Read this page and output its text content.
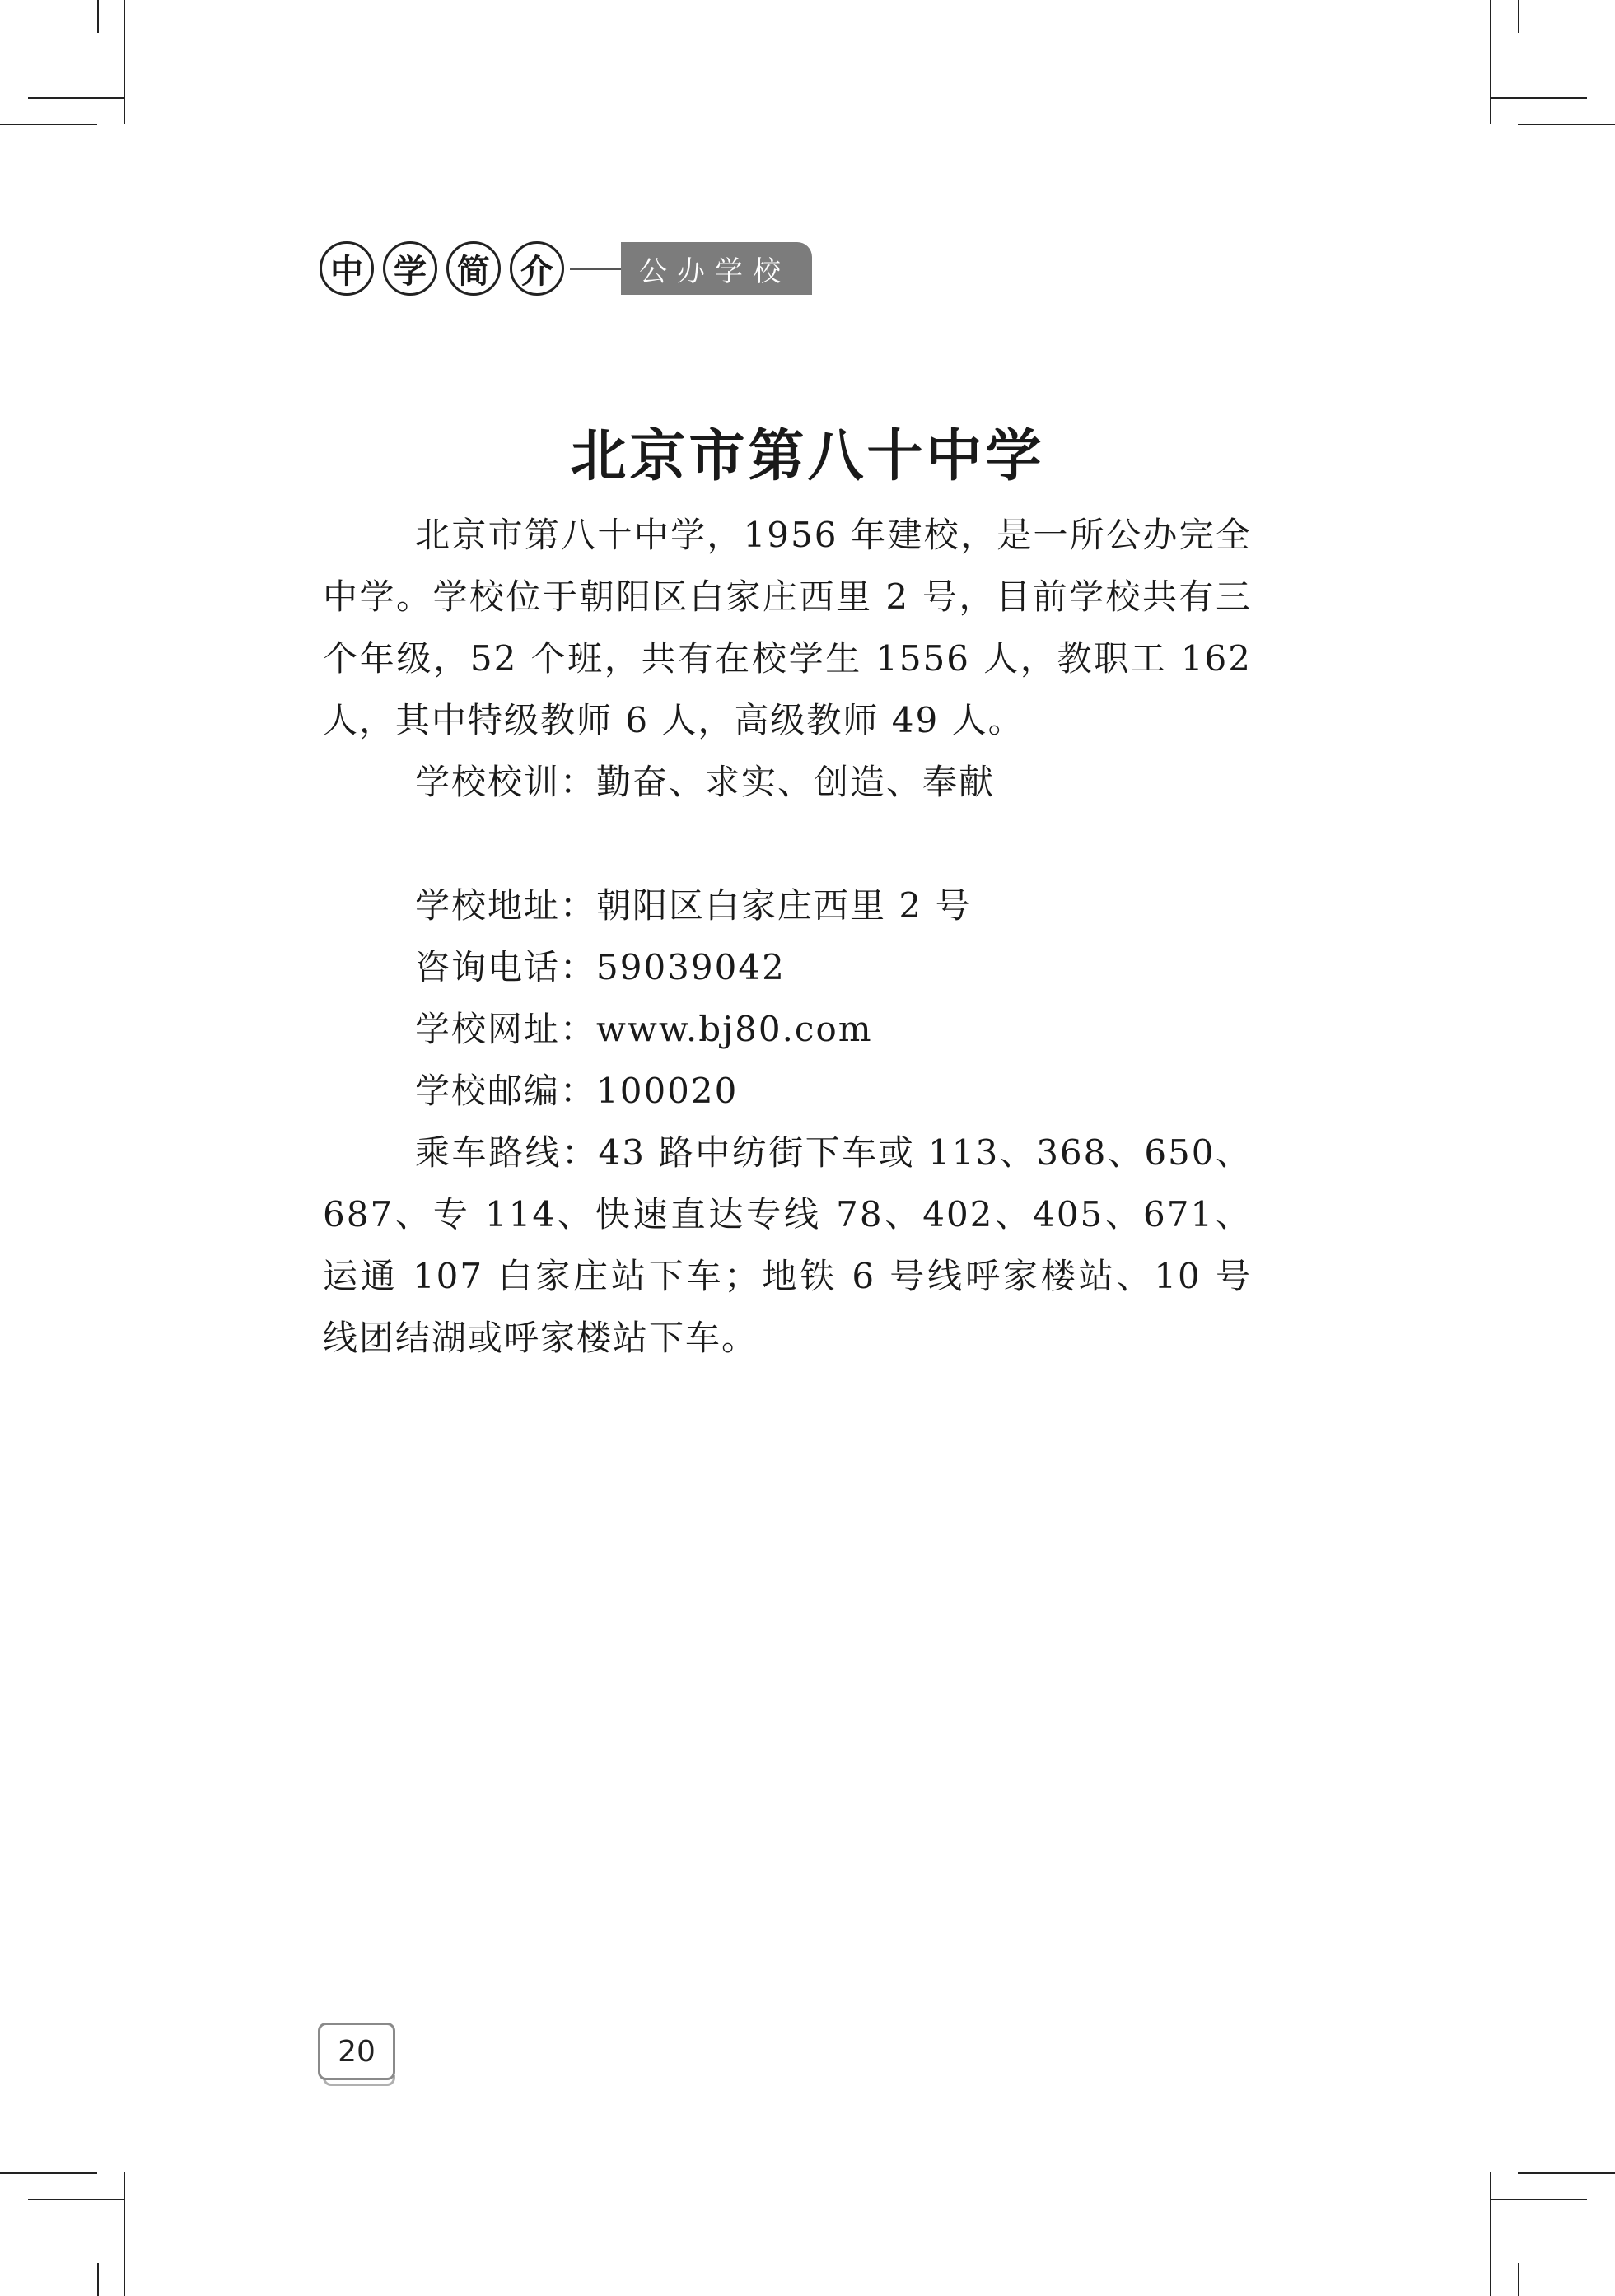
中 学 简 介	公办学校
北京市第八十中学

北京市第八十中学，1956 年建校，是一所公办完全中学。学校位于朝阳区白家庄西里 2 号，目前学校共有三个年级，52 个班，共有在校学生 1556 人，教职工 162 人，其中特级教师 6 人，高级教师 49 人。

学校校训：勤奋、求实、创造、奉献

学校地址：朝阳区白家庄西里 2 号

咨询电话：59039042

学校网址：www.bj80.com

学校邮编：100020

乘车路线：43 路中纺街下车或 113、368、650、687、专 114、快速直达专线 78、402、405、671、运通 107 白家庄站下车；地铁 6 号线呼家楼站、10 号线团结湖或呼家楼站下车。

20
